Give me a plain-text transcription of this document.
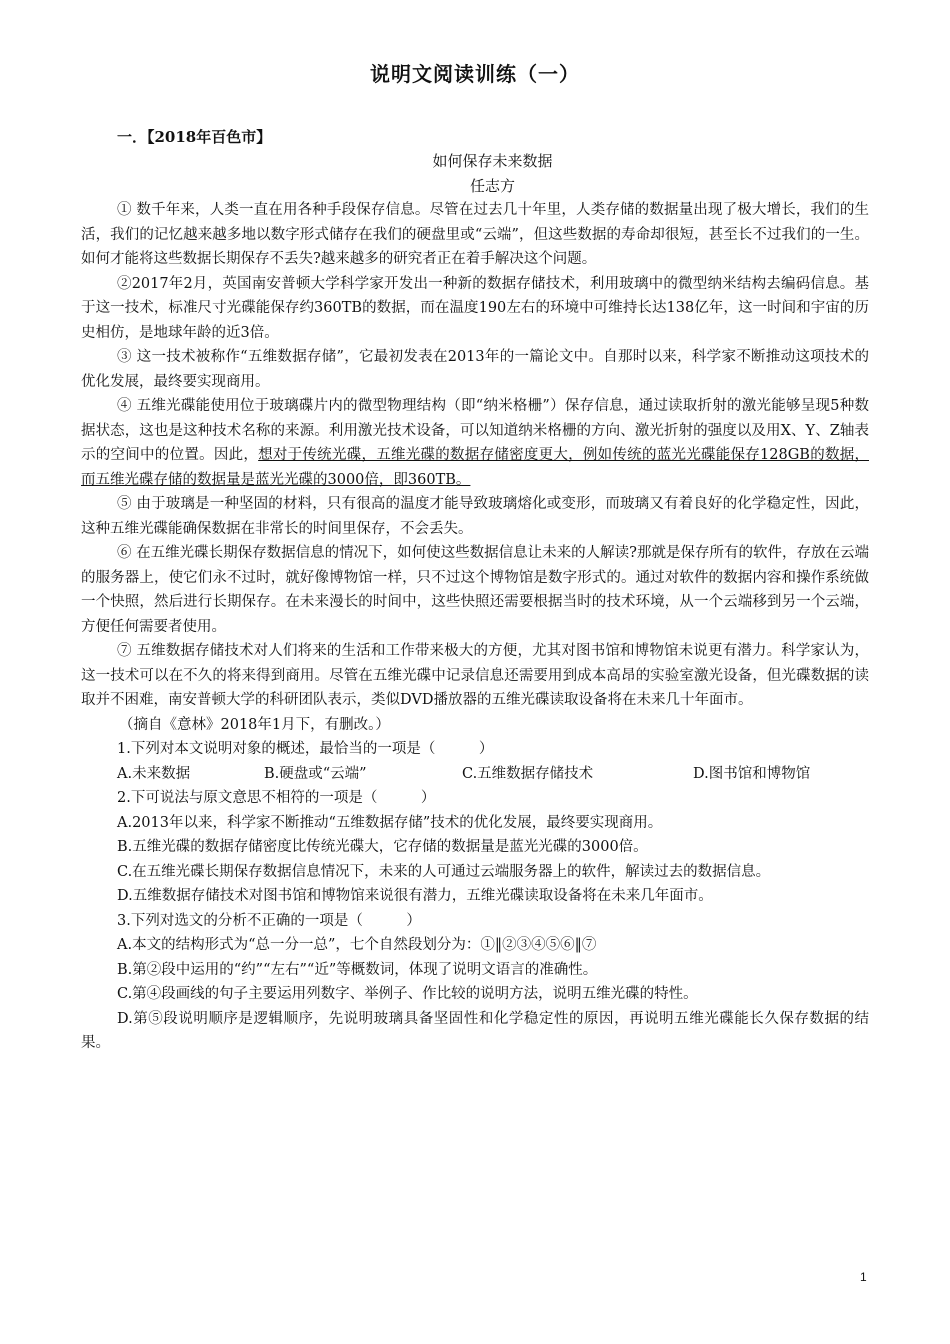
说明文阅读训练（一）
一．【2018年百色市】
如何保存未来数据
任志方

① 数千年来，人类一直在用各种手段保存信息。尽管在过去几十年里，人类存储的数据量出现了极大增长，我们的生活，我们的记忆越来越多地以数字形式储存在我们的硬盘里或“云端”，但这些数据的寿命却很短，甚至长不过我们的一生。如何才能将这些数据长期保存不丢失?越来越多的研究者正在着手解决这个问题。

②2017年2月，英国南安普顿大学科学家开发出一种新的数据存储技术，利用玻璃中的微型纳米结构去编码信息。基于这一技术，标准尺寸光碟能保存约360TB的数据，而在温度190左右的环境中可维持长达138亿年，这一时间和宇宙的历史相仿，是地球年龄的近3倍。

③ 这一技术被称作“五维数据存储”，它最初发表在2013年的一篇论文中。自那时以来，科学家不断推动这项技术的优化发展，最终要实现商用。

④ 五维光碟能使用位于玻璃碟片内的微型物理结构（即“纳米格栅”）保存信息，通过读取折射的激光能够呈现5种数据状态，这也是这种技术名称的来源。利用激光技术设备，可以知道纳米格栅的方向、激光折射的强度以及用X、Y、Z轴表示的空间中的位置。因此，想对于传统光碟，五维光碟的数据存储密度更大，例如传统的蓝光光碟能保存128GB的数据，而五维光碟存储的数据量是蓝光光碟的3000倍，即360TB。

⑤ 由于玻璃是一种坚固的材料，只有很高的温度才能导致玻璃熔化或变形，而玻璃又有着良好的化学稳定性，因此，这种五维光碟能确保数据在非常长的时间里保存，不会丢失。

⑥ 在五维光碟长期保存数据信息的情况下，如何使这些数据信息让未来的人解读?那就是保存所有的软件，存放在云端的服务器上，使它们永不过时，就好像博物馆一样，只不过这个博物馆是数字形式的。通过对软件的数据内容和操作系统做一个快照，然后进行长期保存。在未来漫长的时间中，这些快照还需要根据当时的技术环境，从一个云端移到另一个云端，方便任何需要者使用。

⑦ 五维数据存储技术对人们将来的生活和工作带来极大的方便，尤其对图书馆和博物馆未说更有潜力。科学家认为，这一技术可以在不久的将来得到商用。尽管在五维光碟中记录信息还需要用到成本高昂的实验室激光设备，但光碟数据的读取并不困难，南安普顿大学的科研团队表示，类似DVD播放器的五维光碟读取设备将在未来几十年面市。

（摘自《意林》2018年1月下，有删改。）

1.下列对本文说明对象的概述，最恰当的一项是（　　　）

A.未来数据	B.硬盘或“云端”	C.五维数据存储技术	D.图书馆和博物馆

2.下可说法与原文意思不相符的一项是（　　　）

A.2013年以来，科学家不断推动“五维数据存储”技术的优化发展，最终要实现商用。

B.五维光碟的数据存储密度比传统光碟大，它存储的数据量是蓝光光碟的3000倍。

C.在五维光碟长期保存数据信息情况下，未来的人可通过云端服务器上的软件，解读过去的数据信息。

D.五维数据存储技术对图书馆和博物馆来说很有潜力，五维光碟读取设备将在未来几年面市。

3.下列对选文的分析不正确的一项是（　　　）

A.本文的结构形式为“总一分一总”，七个自然段划分为：①‖②③④⑤⑥‖⑦

B.第②段中运用的“约”“左右”“近”等概数词，体现了说明文语言的准确性。

C.第④段画线的句子主要运用列数字、举例子、作比较的说明方法，说明五维光碟的特性。

D.第⑤段说明顺序是逻辑顺序，先说明玻璃具备坚固性和化学稳定性的原因，再说明五维光碟能长久保存数据的结果。

1
